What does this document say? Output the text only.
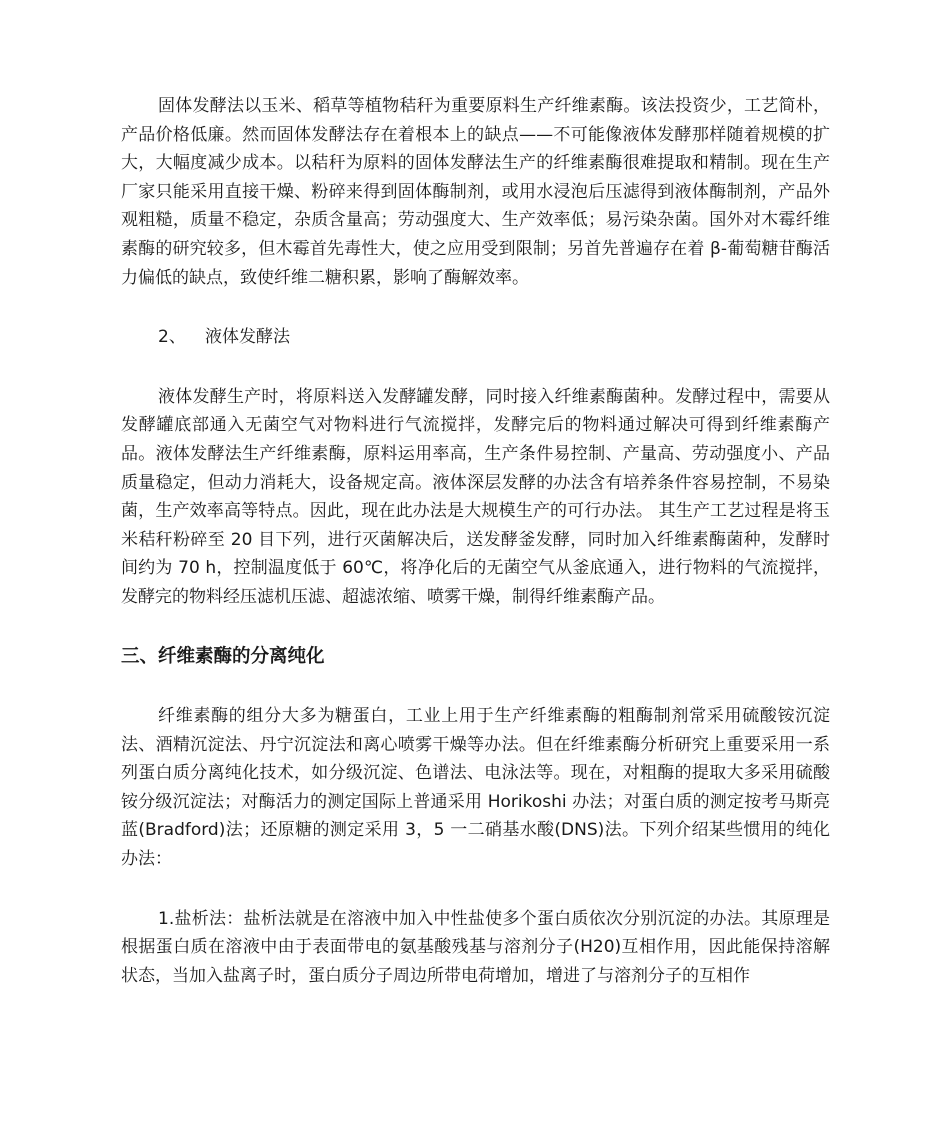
固体发酵法以玉米、稻草等植物秸秆为重要原料生产纤维素酶。该法投资少，工艺简朴，产品价格低廉。然而固体发酵法存在着根本上的缺点——不可能像液体发酵那样随着规模的扩大，大幅度减少成本。以秸秆为原料的固体发酵法生产的纤维素酶很难提取和精制。现在生产厂家只能采用直接干燥、粉碎来得到固体酶制剂，或用水浸泡后压滤得到液体酶制剂，产品外观粗糙，质量不稳定，杂质含量高；劳动强度大、生产效率低；易污染杂菌。国外对木霉纤维素酶的研究较多，但木霉首先毒性大，使之应用受到限制；另首先普遍存在着 β-葡萄糖苷酶活力偏低的缺点，致使纤维二糖积累，影响了酶解效率。

2、 液体发酵法

液体发酵生产时，将原料送入发酵罐发酵，同时接入纤维素酶菌种。发酵过程中，需要从发酵罐底部通入无菌空气对物料进行气流搅拌，发酵完后的物料通过解决可得到纤维素酶产品。液体发酵法生产纤维素酶，原料运用率高，生产条件易控制、产量高、劳动强度小、产品质量稳定，但动力消耗大，设备规定高。液体深层发酵的办法含有培养条件容易控制，不易染菌，生产效率高等特点。因此，现在此办法是大规模生产的可行办法。 其生产工艺过程是将玉米秸秆粉碎至 20 目下列，进行灭菌解决后，送发酵釜发酵，同时加入纤维素酶菌种，发酵时间约为 70 h，控制温度低于 60℃，将净化后的无菌空气从釜底通入，进行物料的气流搅拌，发酵完的物料经压滤机压滤、超滤浓缩、喷雾干燥，制得纤维素酶产品。

三、纤维素酶的分离纯化

纤维素酶的组分大多为糖蛋白，工业上用于生产纤维素酶的粗酶制剂常采用硫酸铵沉淀法、酒精沉淀法、丹宁沉淀法和离心喷雾干燥等办法。但在纤维素酶分析研究上重要采用一系列蛋白质分离纯化技术，如分级沉淀、色谱法、电泳法等。现在，对粗酶的提取大多采用硫酸铵分级沉淀法；对酶活力的测定国际上普通采用 Horikoshi 办法；对蛋白质的测定按考马斯亮蓝(Bradford)法；还原糖的测定采用 3，5 一二硝基水酸(DNS)法。下列介绍某些惯用的纯化办法：

1.盐析法：盐析法就是在溶液中加入中性盐使多个蛋白质依次分别沉淀的办法。其原理是根据蛋白质在溶液中由于表面带电的氨基酸残基与溶剂分子(H20)互相作用，因此能保持溶解状态，当加入盐离子时，蛋白质分子周边所带电荷增加，增进了与溶剂分子的互相作
